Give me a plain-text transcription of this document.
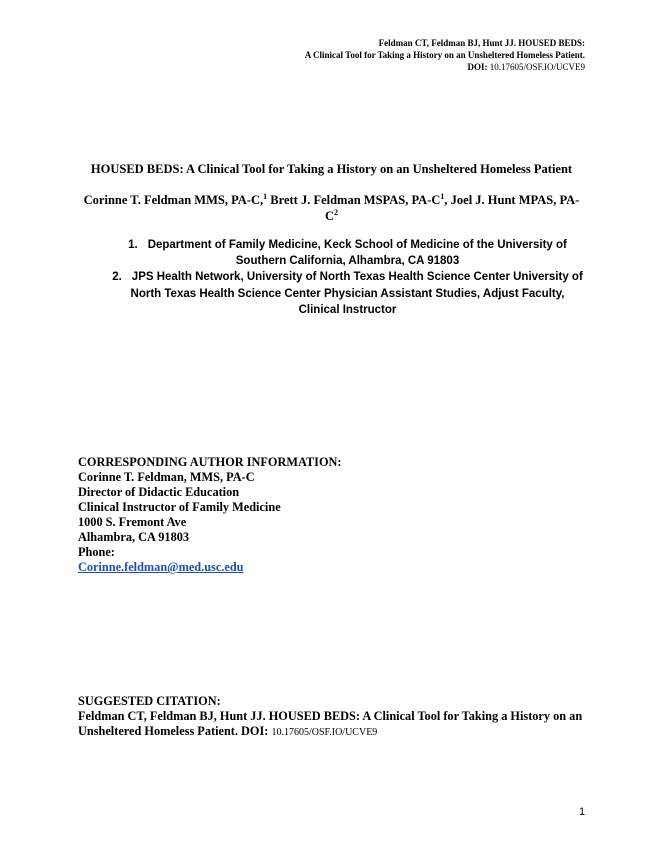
Feldman CT, Feldman BJ, Hunt JJ. HOUSED BEDS:
A Clinical Tool for Taking a History on an Unsheltered Homeless Patient.
DOI: 10.17605/OSF.IO/UCVE9
HOUSED BEDS: A Clinical Tool for Taking a History on an Unsheltered Homeless Patient
Corinne T. Feldman MMS, PA-C,$^1$ Brett J. Feldman MSPAS, $PA-C^1$, Joel J. Hunt MPAS, $PA-C^2$
1. Department of Family Medicine, Keck School of Medicine of the University of Southern California, Alhambra, CA 91803
2. JPS Health Network, University of North Texas Health Science Center University of North Texas Health Science Center Physician Assistant Studies, Adjust Faculty, Clinical Instructor
CORRESPONDING AUTHOR INFORMATION:
Corinne T. Feldman, MMS, PA-C
Director of Didactic Education
Clinical Instructor of Family Medicine
1000 S. Fremont Ave
Alhambra, CA 91803
Phone:
Corinne.feldman@med.usc.edu
SUGGESTED CITATION:
Feldman CT, Feldman BJ, Hunt JJ. HOUSED BEDS: A Clinical Tool for Taking a History on an Unsheltered Homeless Patient. DOI: 10.17605/OSF.IO/UCVE9
1
